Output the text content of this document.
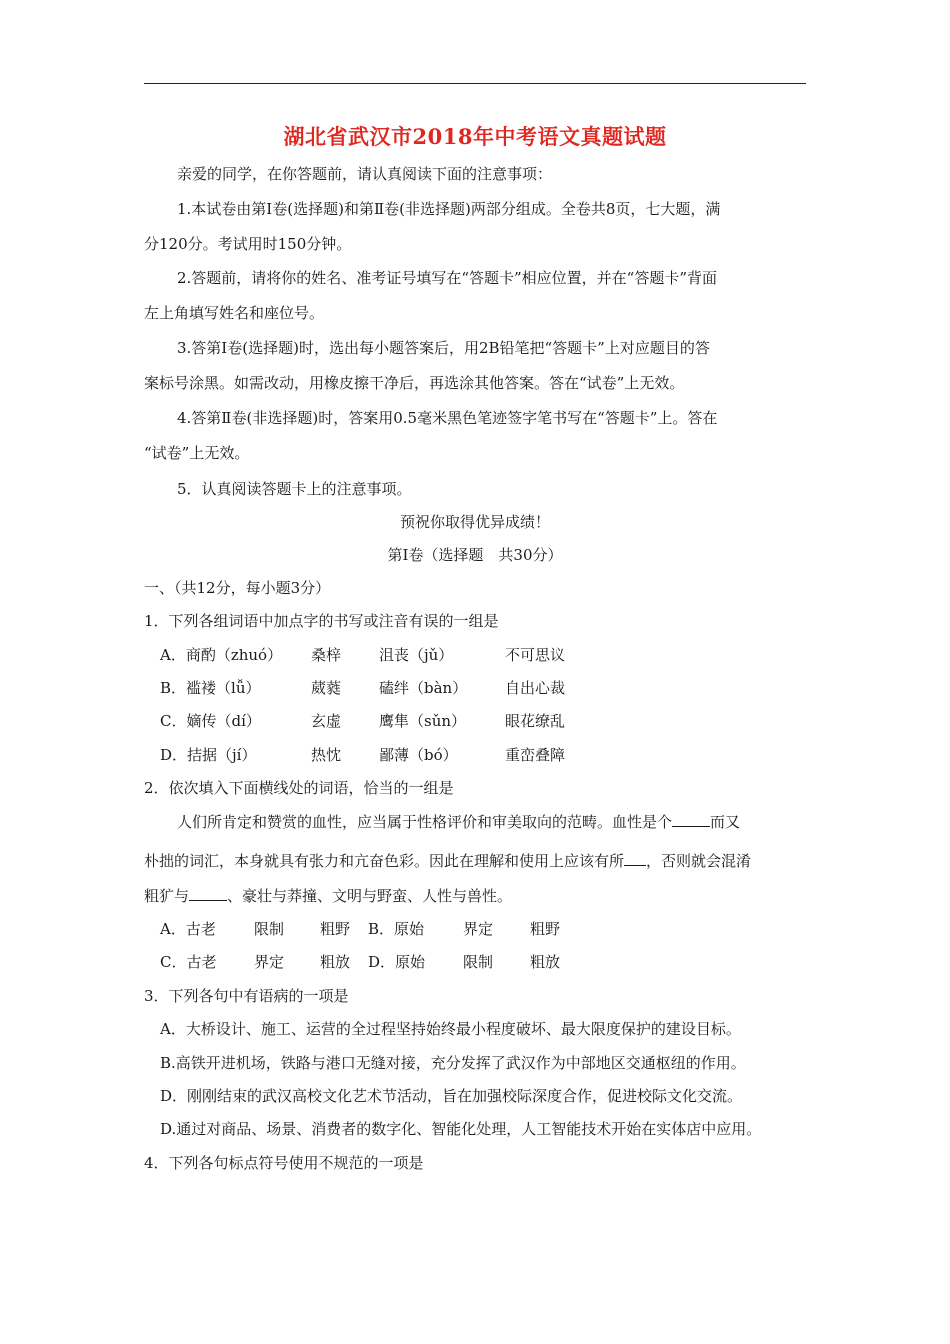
湖北省武汉市2018年中考语文真题试题
亲爱的同学，在你答题前，请认真阅读下面的注意事项：
1.本试卷由第Ⅰ卷(选择题)和第Ⅱ卷(非选择题)两部分组成。全卷共8页，七大题，满
分120分。考试用时150分钟。
2.答题前，请将你的姓名、准考证号填写在“答题卡”相应位置，并在“答题卡”背面
左上角填写姓名和座位号。
3.答第Ⅰ卷(选择题)时，选出每小题答案后，用2B铅笔把“答题卡”上对应题目的答
案标号涂黑。如需改动，用橡皮擦干净后，再选涂其他答案。答在“试卷”上无效。
4.答第Ⅱ卷(非选择题)时，答案用0.5毫米黑色笔迹签字笔书写在“答题卡”上。答在
“试卷”上无效。
5．认真阅读答题卡上的注意事项。
预祝你取得优异成绩！
第Ⅰ卷（选择题　共30分）
一、（共12分，每小题3分）
1．下列各组词语中加点字的书写或注音有误的一组是
A．商酌（zhuó） 桑梓	沮丧（jǔ）	不可思议
B．褴褛（lǚ）	葳蕤	磕绊（bàn）	自出心裁
C．嫡传（dí）	玄虚	鹰隼（sǔn）	眼花缭乱
D．拮据（jí）	热忱	鄙薄（bó）	重峦叠障
2．依次填入下面横线处的词语，恰当的一组是
人们所肯定和赞赏的血性，应当属于性格评价和审美取向的范畴。血性是个	而又
朴拙的词汇，本身就具有张力和亢奋色彩。因此在理解和使用上应该有所 ，否则就会混淆
粗犷与	、豪壮与莽撞、文明与野蛮、人性与兽性。
A．古老	限制 粗野 B．原始	界定 粗野
C．古老	界定 粗放 D．原始	限制 粗放
3．下列各句中有语病的一项是
A．大桥设计、施工、运营的全过程坚持始终最小程度破坏、最大限度保护的建设目标。
B.高铁开进机场，铁路与港口无缝对接，充分发挥了武汉作为中部地区交通枢纽的作用。
D．刚刚结束的武汉高校文化艺术节活动，旨在加强校际深度合作，促进校际文化交流。
D.通过对商品、场景、消费者的数字化、智能化处理，人工智能技术开始在实体店中应用。
4．下列各句标点符号使用不规范的一项是
